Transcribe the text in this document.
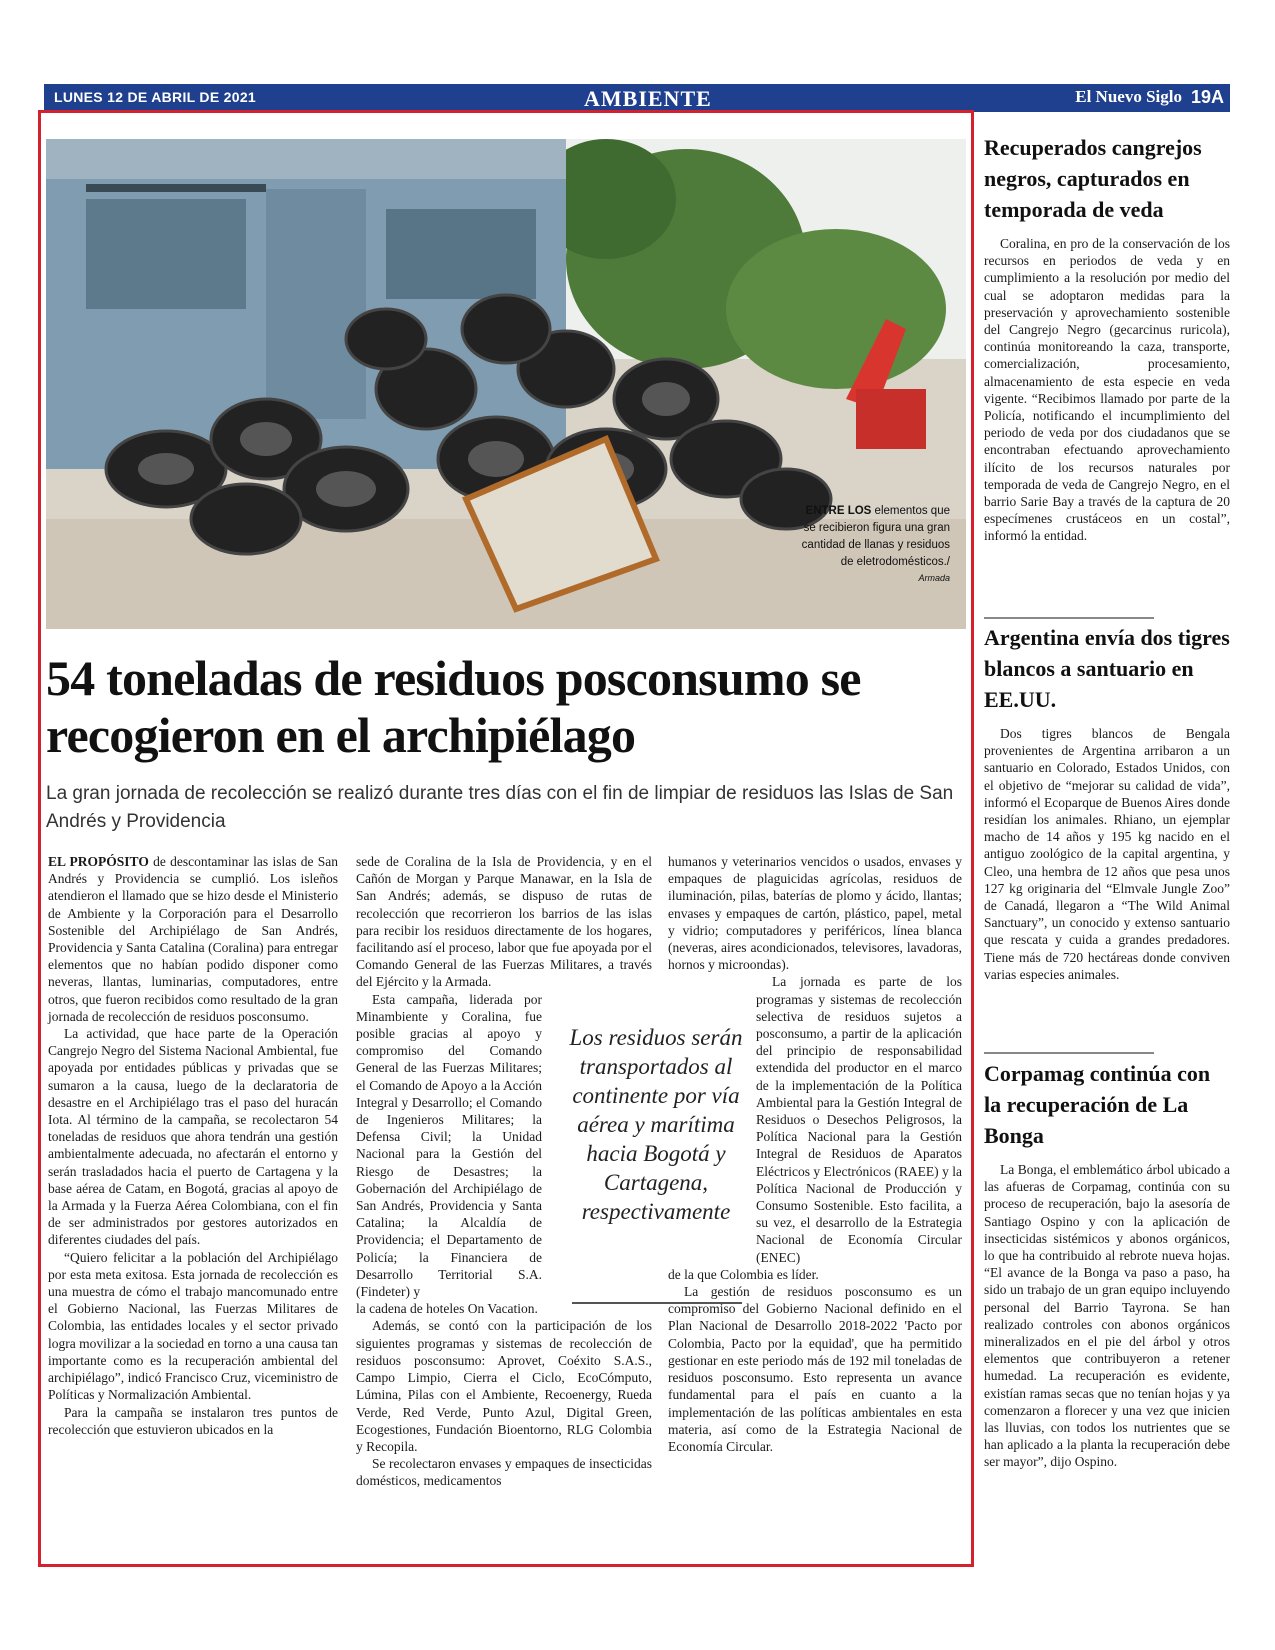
LUNES 12 DE ABRIL DE 2021	AMBIENTE	El Nuevo Siglo 19A
ENTRE LOS elementos que se recibieron figura una gran cantidad de llanas y residuos de eletrodomésticos./
Armada
54 toneladas de residuos posconsumo se recogieron en el archipiélago

La gran jornada de recolección se realizó durante tres días con el fin de limpiar de residuos las Islas de San Andrés y Providencia

EL PROPÓSITO de descontaminar las islas de San Andrés y Providencia se cumplió. Los isleños atendieron el llamado que se hizo desde el Ministerio de Ambiente y la Corporación para el Desarrollo Sostenible del Archipiélago de San Andrés, Providencia y Santa Catalina (Coralina) para entregar elementos que no habían podido disponer como neveras, llantas, luminarias, computadores, entre otros, que fueron recibidos como resultado de la gran jornada de recolección de residuos posconsumo.

La actividad, que hace parte de la Operación Cangrejo Negro del Sistema Nacional Ambiental, fue apoyada por entidades públicas y privadas que se sumaron a la causa, luego de la declaratoria de desastre en el Archipiélago tras el paso del huracán Iota. Al término de la campaña, se recolectaron 54 toneladas de residuos que ahora tendrán una gestión ambientalmente adecuada, no afectarán el entorno y serán trasladados hacia el puerto de Cartagena y la base aérea de Catam, en Bogotá, gracias al apoyo de la Armada y la Fuerza Aérea Colombiana, con el fin de ser administrados por gestores autorizados en diferentes ciudades del país.

“Quiero felicitar a la población del Archipiélago por esta meta exitosa. Esta jornada de recolección es una muestra de cómo el trabajo mancomunado entre el Gobierno Nacional, las Fuerzas Militares de Colombia, las entidades locales y el sector privado logra movilizar a la sociedad en torno a una causa tan importante como es la recuperación ambiental del archipiélago”, indicó Francisco Cruz, viceministro de Políticas y Normalización Ambiental.

Para la campaña se instalaron tres puntos de recolección que estuvieron ubicados en la

sede de Coralina de la Isla de Providencia, y en el Cañón de Morgan y Parque Manawar, en la Isla de San Andrés; además, se dispuso de rutas de recolección que recorrieron los barrios de las islas para recibir los residuos directamente de los hogares, facilitando así el proceso, labor que fue apoyada por el Comando General de las Fuerzas Militares, a través del Ejército y la Armada.

Esta campaña, liderada por Minambiente y Coralina, fue posible gracias al apoyo y compromiso del Comando General de las Fuerzas Militares; el Comando de Apoyo a la Acción Integral y Desarrollo; el Comando de Ingenieros Militares; la Defensa Civil; la Unidad Nacional para la Gestión del Riesgo de Desastres; la Gobernación del Archipiélago de San Andrés, Providencia y Santa Catalina; la Alcaldía de Providencia; el Departamento de Policía; la Financiera de Desarrollo Territorial S.A. (Findeter) y

la cadena de hoteles On Vacation.

Además, se contó con la participación de los siguientes programas y sistemas de recolección de residuos posconsumo: Aprovet, Coéxito S.A.S., Campo Limpio, Cierra el Ciclo, EcoCómputo, Lúmina, Pilas con el Ambiente, Recoenergy, Rueda Verde, Red Verde, Punto Azul, Digital Green, Ecogestiones, Fundación Bioentorno, RLG Colombia y Recopila.

Se recolectaron envases y empaques de insecticidas domésticos, medicamentos

humanos y veterinarios vencidos o usados, envases y empaques de plaguicidas agrícolas, residuos de iluminación, pilas, baterías de plomo y ácido, llantas; envases y empaques de cartón, plástico, papel, metal y vidrio; computadores y periféricos, línea blanca (neveras, aires acondicionados, televisores, lavadoras, hornos y microondas).

La jornada es parte de los programas y sistemas de recolección selectiva de residuos sujetos a posconsumo, a partir de la aplicación del principio de responsabilidad extendida del productor en el marco de la implementación de la Política Ambiental para la Gestión Integral de Residuos o Desechos Peligrosos, la Política Nacional para la Gestión Integral de Residuos de Aparatos Eléctricos y Electrónicos (RAEE) y la Política Nacional de Producción y Consumo Sostenible. Esto facilita, a su vez, el desarrollo de la Estrategia Nacional de Economía Circular (ENEC)

de la que Colombia es líder.

La gestión de residuos posconsumo es un compromiso del Gobierno Nacional definido en el Plan Nacional de Desarrollo 2018-2022 'Pacto por Colombia, Pacto por la equidad', que ha permitido gestionar en este periodo más de 192 mil toneladas de residuos posconsumo. Esto representa un avance fundamental para el país en cuanto a la implementación de las políticas ambientales en esta materia, así como de la Estrategia Nacional de Economía Circular.

Los residuos serán transportados al continente por vía aérea y marítima hacia Bogotá y Cartagena, respectivamente
Recuperados cangrejos negros, capturados en temporada de veda

Coralina, en pro de la conservación de los recursos en periodos de veda y en cumplimiento a la resolución por medio del cual se adoptaron medidas para la preservación y aprovechamiento sostenible del Cangrejo Negro (gecarcinus ruricola), continúa monitoreando la caza, transporte, comercialización, procesamiento, almacenamiento de esta especie en veda vigente. “Recibimos llamado por parte de la Policía, notificando el incumplimiento del periodo de veda por dos ciudadanos que se encontraban efectuando aprovechamiento ilícito de los recursos naturales por temporada de veda de Cangrejo Negro, en el barrio Sarie Bay a través de la captura de 20 especímenes crustáceos en un costal”, informó la entidad.

Argentina envía dos tigres blancos a santuario en EE.UU.

Dos tigres blancos de Bengala provenientes de Argentina arribaron a un santuario en Colorado, Estados Unidos, con el objetivo de “mejorar su calidad de vida”, informó el Ecoparque de Buenos Aires donde residían los animales. Rhiano, un ejemplar macho de 14 años y 195 kg nacido en el antiguo zoológico de la capital argentina, y Cleo, una hembra de 12 años que pesa unos 127 kg originaria del “Elmvale Jungle Zoo” de Canadá, llegaron a “The Wild Animal Sanctuary”, un conocido y extenso santuario que rescata y cuida a grandes predadores. Tiene más de 720 hectáreas donde conviven varias especies animales.

Corpamag continúa con la recuperación de La Bonga

La Bonga, el emblemático árbol ubicado a las afueras de Corpamag, continúa con su proceso de recuperación, bajo la asesoría de Santiago Ospino y con la aplicación de insecticidas sistémicos y abonos orgánicos, lo que ha contribuido al rebrote nueva hojas. “El avance de la Bonga va paso a paso, ha sido un trabajo de un gran equipo incluyendo personal del Barrio Tayrona. Se han realizado controles con abonos orgánicos mineralizados en el pie del árbol y otros elementos que contribuyeron a retener humedad. La recuperación es evidente, existían ramas secas que no tenían hojas y ya comenzaron a florecer y una vez que inicien las lluvias, con todos los nutrientes que se han aplicado a la planta la recuperación debe ser mayor”, dijo Ospino.
